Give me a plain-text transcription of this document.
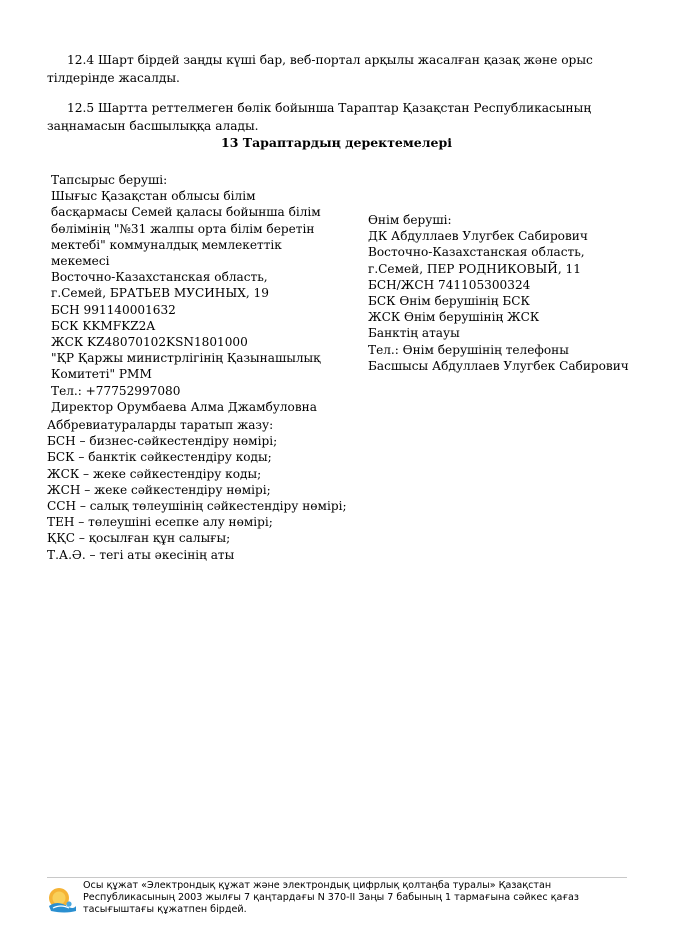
12.4 Шарт бірдей заңды күші бар, веб-портал арқылы жасалған қазақ және орыс тілдерінде жасалды.

12.5 Шартта реттелмеген бөлік бойынша Тараптар Қазақстан Республикасының заңнамасын басшылыққа алады.

13 Тараптардың деректемелері
Тапсырыс беруші:
Шығыс Қазақстан облысы білім
басқармасы Семей қаласы бойынша білім
бөлімінің "№31 жалпы орта білім беретін
мектебі" коммуналдық мемлекеттік
мекемесі
Восточно-Казахстанская область,
г.Семей, БРАТЬЕВ МУСИНЫХ, 19
БСН 991140001632
БСК KKMFKZ2A
ЖСК KZ48070102KSN1801000
"ҚР Қаржы министрлігінің Қазынашылық
Комитеті" РММ
Тел.: +77752997080
Директор Орумбаева Алма Джамбуловна
Өнім беруші:
ДК Абдуллаев Улугбек Сабирович
Восточно-Казахстанская область,
г.Семей, ПЕР РОДНИКОВЫЙ, 11
БСН/ЖСН 741105300324
БСК Өнім берушінің БСК
ЖСК Өнім берушінің ЖСК
Банктің атауы
Тел.: Өнім берушінің телефоны
Басшысы Абдуллаев Улугбек Сабирович
Аббревиатураларды таратып жазу:
БСН – бизнес-сәйкестендіру нөмірі;
БСК – банктік сәйкестендіру коды;
ЖСК – жеке сәйкестендіру коды;
ЖСН – жеке сәйкестендіру нөмірі;
ССН – салық төлеушінің сәйкестендіру нөмірі;
ТЕН – төлеушіні есепке алу нөмірі;
ҚҚС – қосылған құн салығы;
Т.А.Ә. – тегі аты әкесінің аты
Осы құжат «Электрондық құжат және электрондық цифрлық қолтаңба туралы» Қазақстан
Республикасының 2003 жылғы 7 қаңтардағы N 370-II Заңы 7 бабының 1 тармағына сәйкес қағаз
тасығыштағы құжатпен бірдей.
